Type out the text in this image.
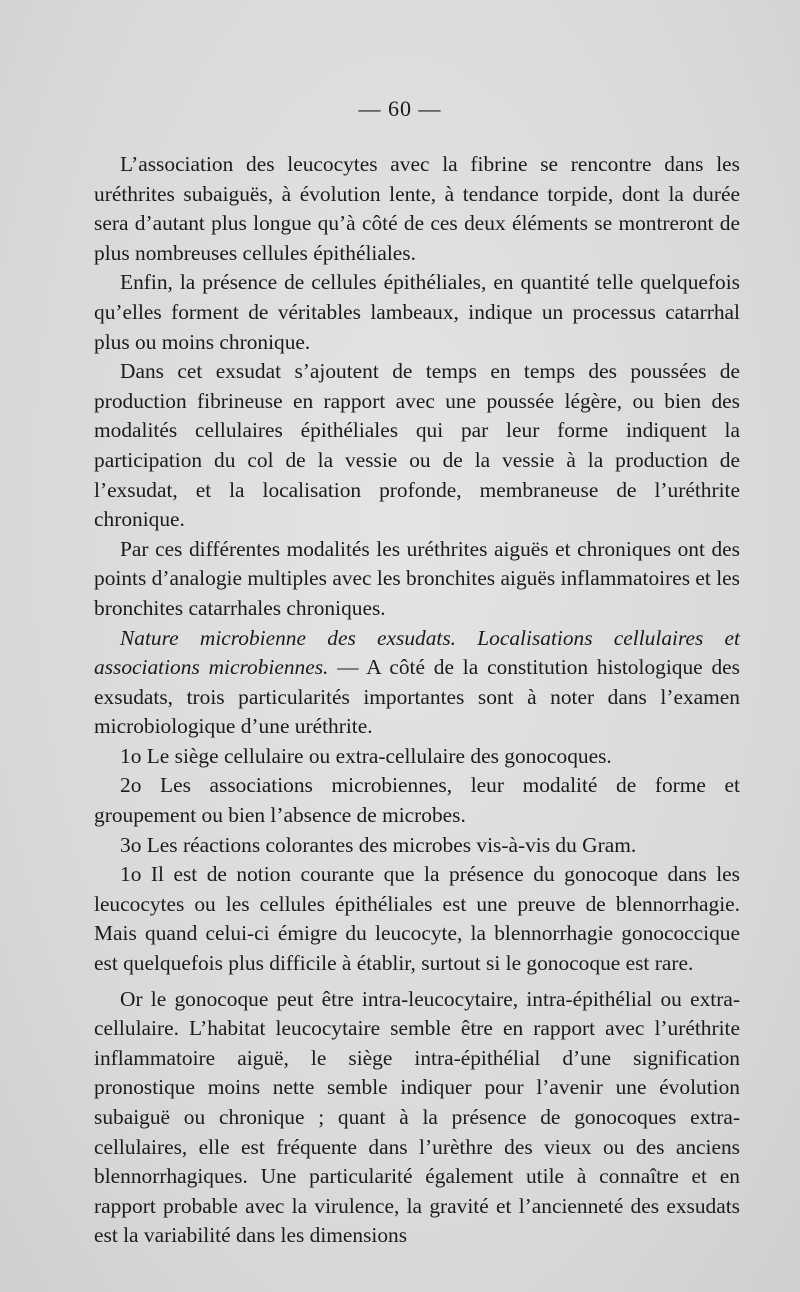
— 60 —

L’association des leucocytes avec la fibrine se rencontre dans les uréthrites subaiguës, à évolution lente, à tendance torpide, dont la durée sera d’autant plus longue qu’à côté de ces deux éléments se montreront de plus nombreuses cellules épithéliales.

Enfin, la présence de cellules épithéliales, en quantité telle quelquefois qu’elles forment de véritables lambeaux, indique un processus catarrhal plus ou moins chronique.

Dans cet exsudat s’ajoutent de temps en temps des poussées de production fibrineuse en rapport avec une poussée légère, ou bien des modalités cellulaires épithéliales qui par leur forme indiquent la participation du col de la vessie ou de la vessie à la production de l’exsudat, et la localisation profonde, membraneuse de l’uréthrite chronique.

Par ces différentes modalités les uréthrites aiguës et chroniques ont des points d’analogie multiples avec les bronchites aiguës inflammatoires et les bronchites catarrhales chroniques.

Nature microbienne des exsudats. Localisations cellulaires et associations microbiennes. — A côté de la constitution histologique des exsudats, trois particularités importantes sont à noter dans l’examen microbiologique d’une uréthrite.

1o Le siège cellulaire ou extra-cellulaire des gonocoques.

2o Les associations microbiennes, leur modalité de forme et groupement ou bien l’absence de microbes.

3o Les réactions colorantes des microbes vis-à-vis du Gram.

1o Il est de notion courante que la présence du gonocoque dans les leucocytes ou les cellules épithéliales est une preuve de blennorrhagie. Mais quand celui-ci émigre du leucocyte, la blennorrhagie gonococcique est quelquefois plus difficile à établir, surtout si le gonocoque est rare.

Or le gonocoque peut être intra-leucocytaire, intra-épithélial ou extra-cellulaire. L’habitat leucocytaire semble être en rapport avec l’uréthrite inflammatoire aiguë, le siège intra-épithélial d’une signification pronostique moins nette semble indiquer pour l’avenir une évolution subaiguë ou chronique ; quant à la présence de gonocoques extra-cellulaires, elle est fréquente dans l’urèthre des vieux ou des anciens blennorrhagiques. Une particularité également utile à connaître et en rapport probable avec la virulence, la gravité et l’ancienneté des exsudats est la variabilité dans les dimensions
